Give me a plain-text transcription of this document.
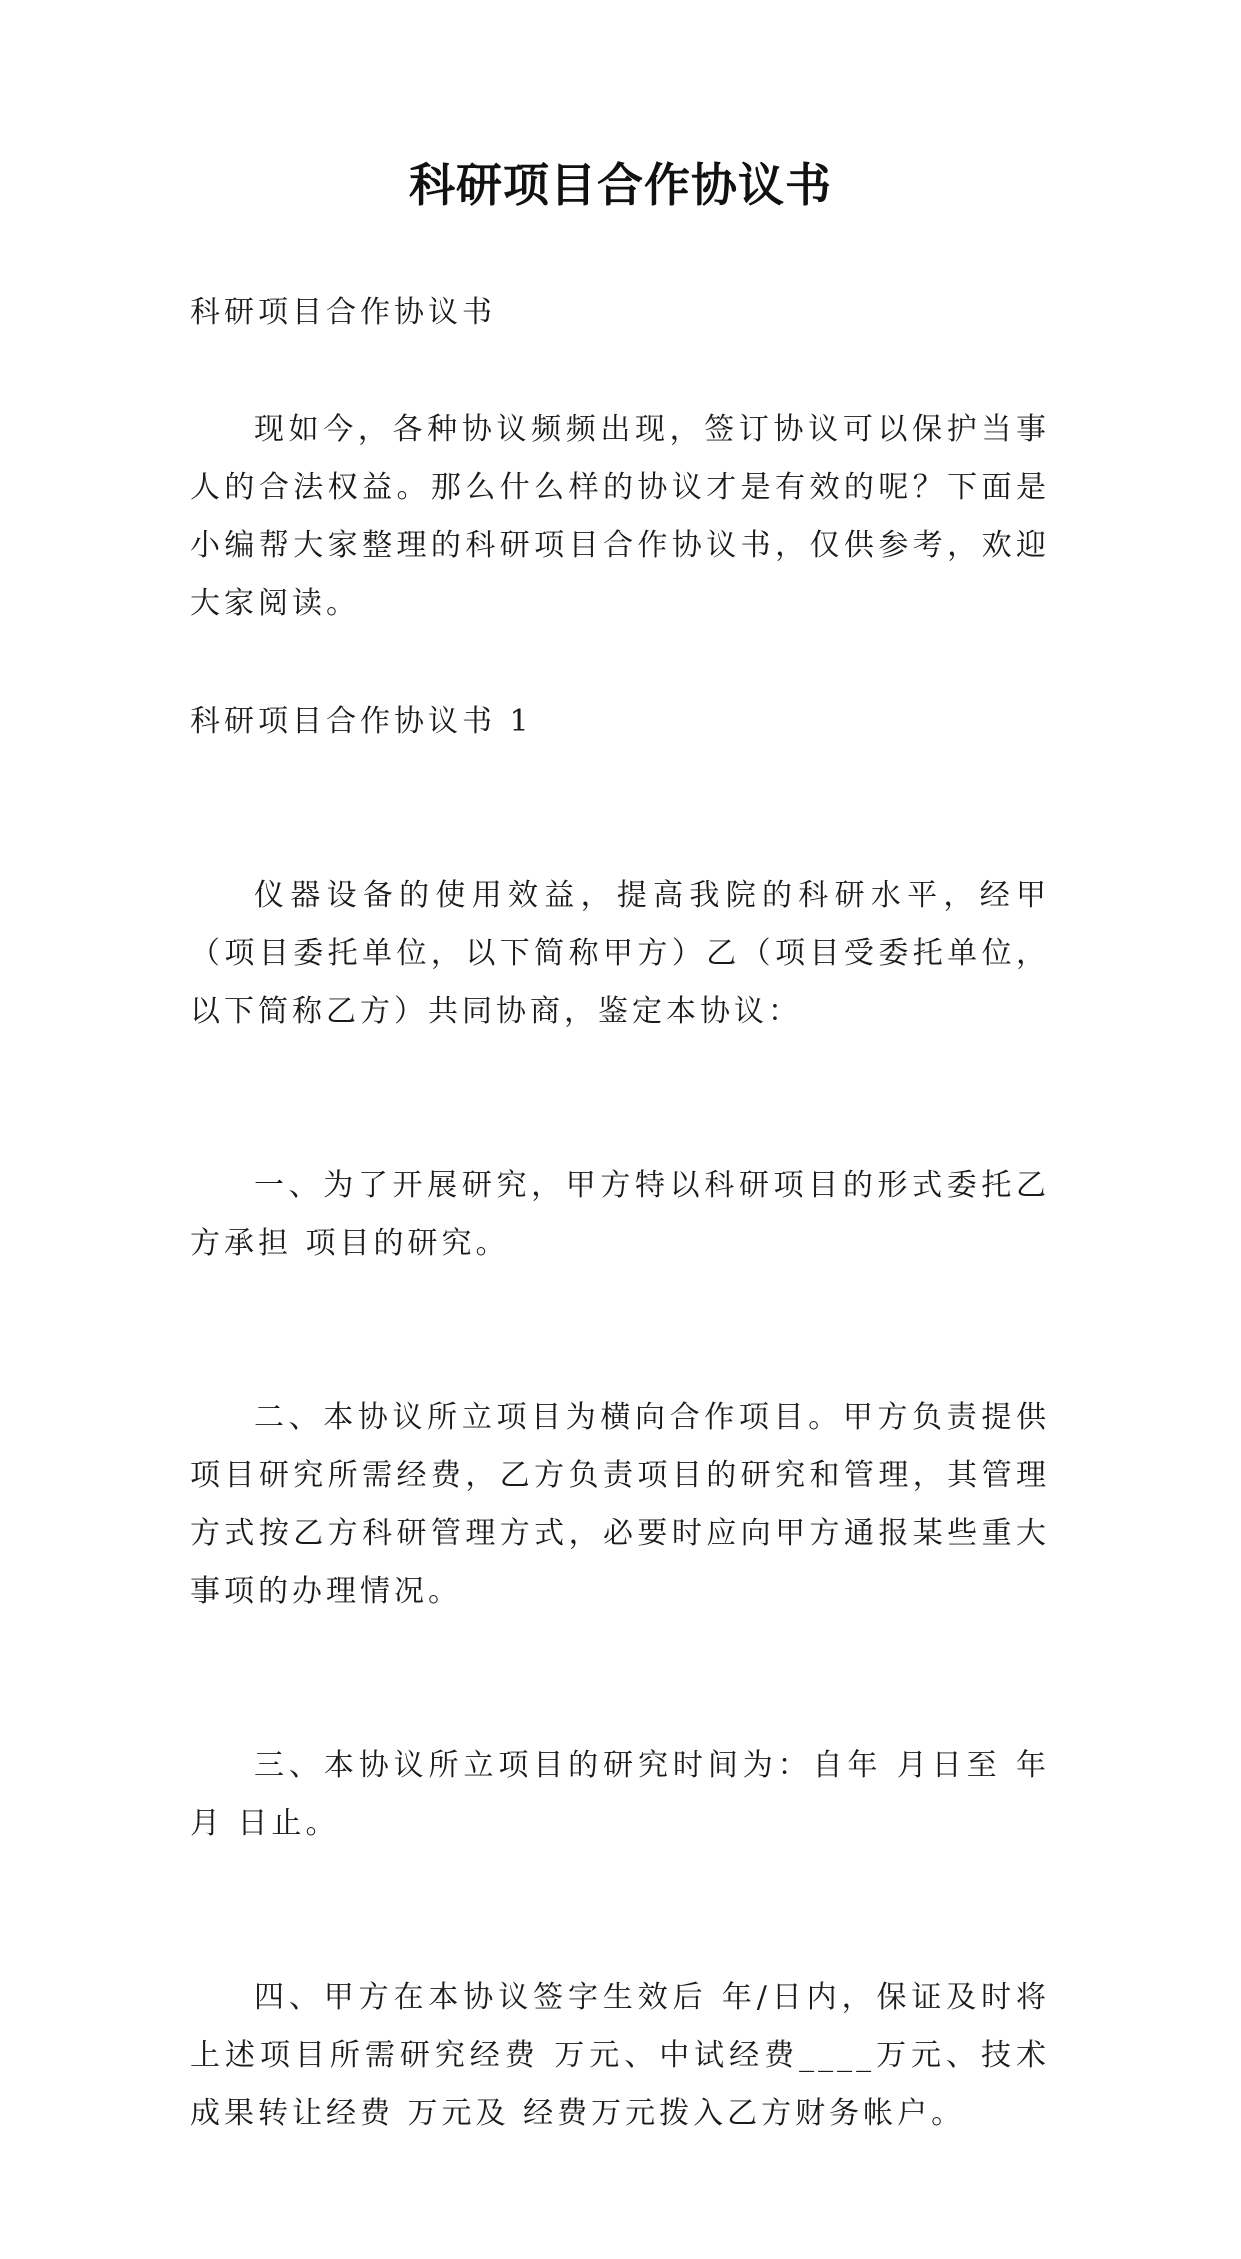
科研项目合作协议书

科研项目合作协议书

现如今，各种协议频频出现，签订协议可以保护当事人的合法权益。那么什么样的协议才是有效的呢？下面是小编帮大家整理的科研项目合作协议书，仅供参考，欢迎大家阅读。

科研项目合作协议书 1

仪器设备的使用效益，提高我院的科研水平，经甲（项目委托单位，以下简称甲方）乙（项目受委托单位，以下简称乙方）共同协商，鉴定本协议：

一、为了开展研究，甲方特以科研项目的形式委托乙方承担 项目的研究。

二、本协议所立项目为横向合作项目。甲方负责提供项目研究所需经费，乙方负责项目的研究和管理，其管理方式按乙方科研管理方式，必要时应向甲方通报某些重大事项的办理情况。

三、本协议所立项目的研究时间为：自年 月日至 年月 日止。

四、甲方在本协议签字生效后 年/日内，保证及时将上述项目所需研究经费 万元、中试经费____万元、技术成果转让经费 万元及 经费万元拨入乙方财务帐户。
